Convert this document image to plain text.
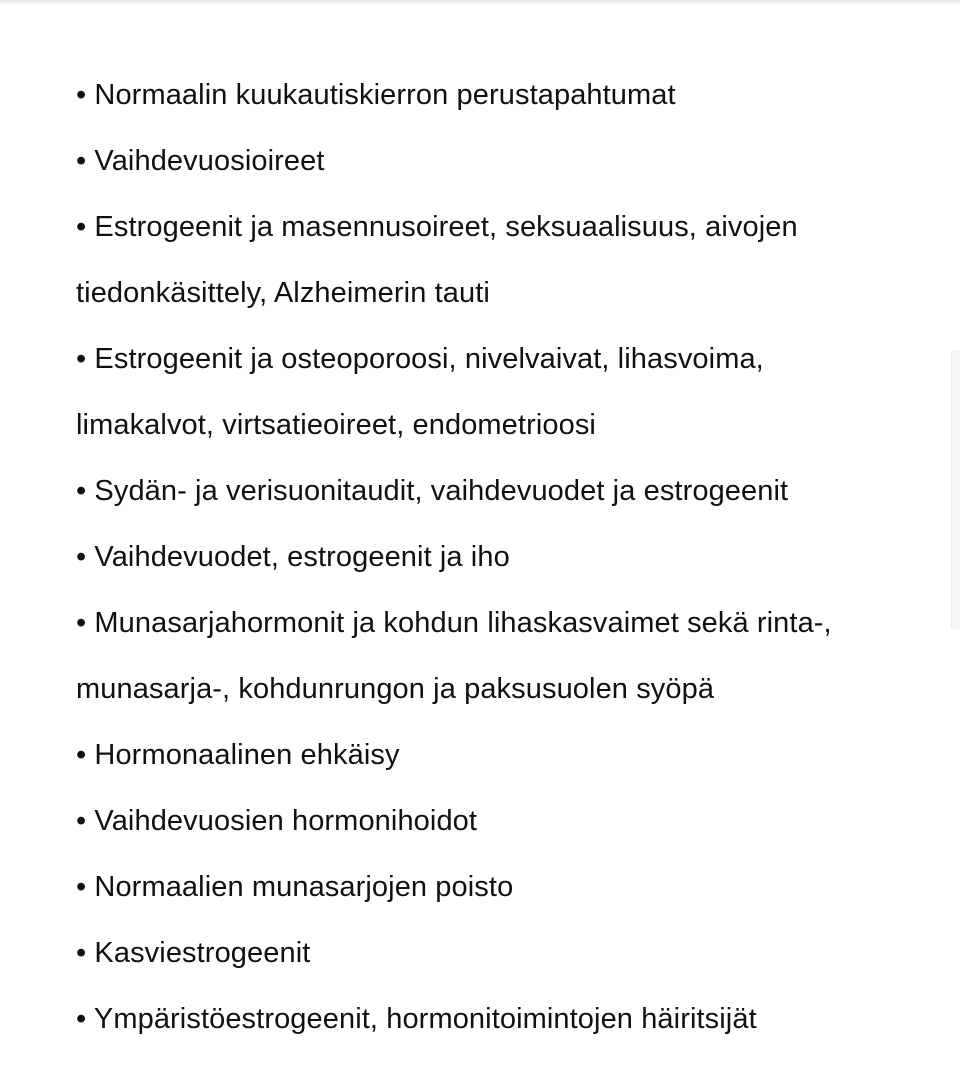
• Normaalin kuukautiskierron perustapahtumat
• Vaihdevuosioireet
• Estrogeenit ja masennusoireet, seksuaalisuus, aivojen
tiedonkäsittely, Alzheimerin tauti
• Estrogeenit ja osteoporoosi, nivelvaivat, lihasvoima,
limakalvot, virtsatieoireet, endometrioosi
• Sydän- ja verisuonitaudit, vaihdevuodet ja estrogeenit
• Vaihdevuodet, estrogeenit ja iho
• Munasarjahormonit ja kohdun lihaskasvaimet sekä rinta-,
munasarja-, kohdunrungon ja paksusuolen syöpä
• Hormonaalinen ehkäisy
• Vaihdevuosien hormonihoidot
• Normaalien munasarjojen poisto
• Kasviestrogeenit
• Ympäristöestrogeenit, hormonitoimintojen häiritsijät
